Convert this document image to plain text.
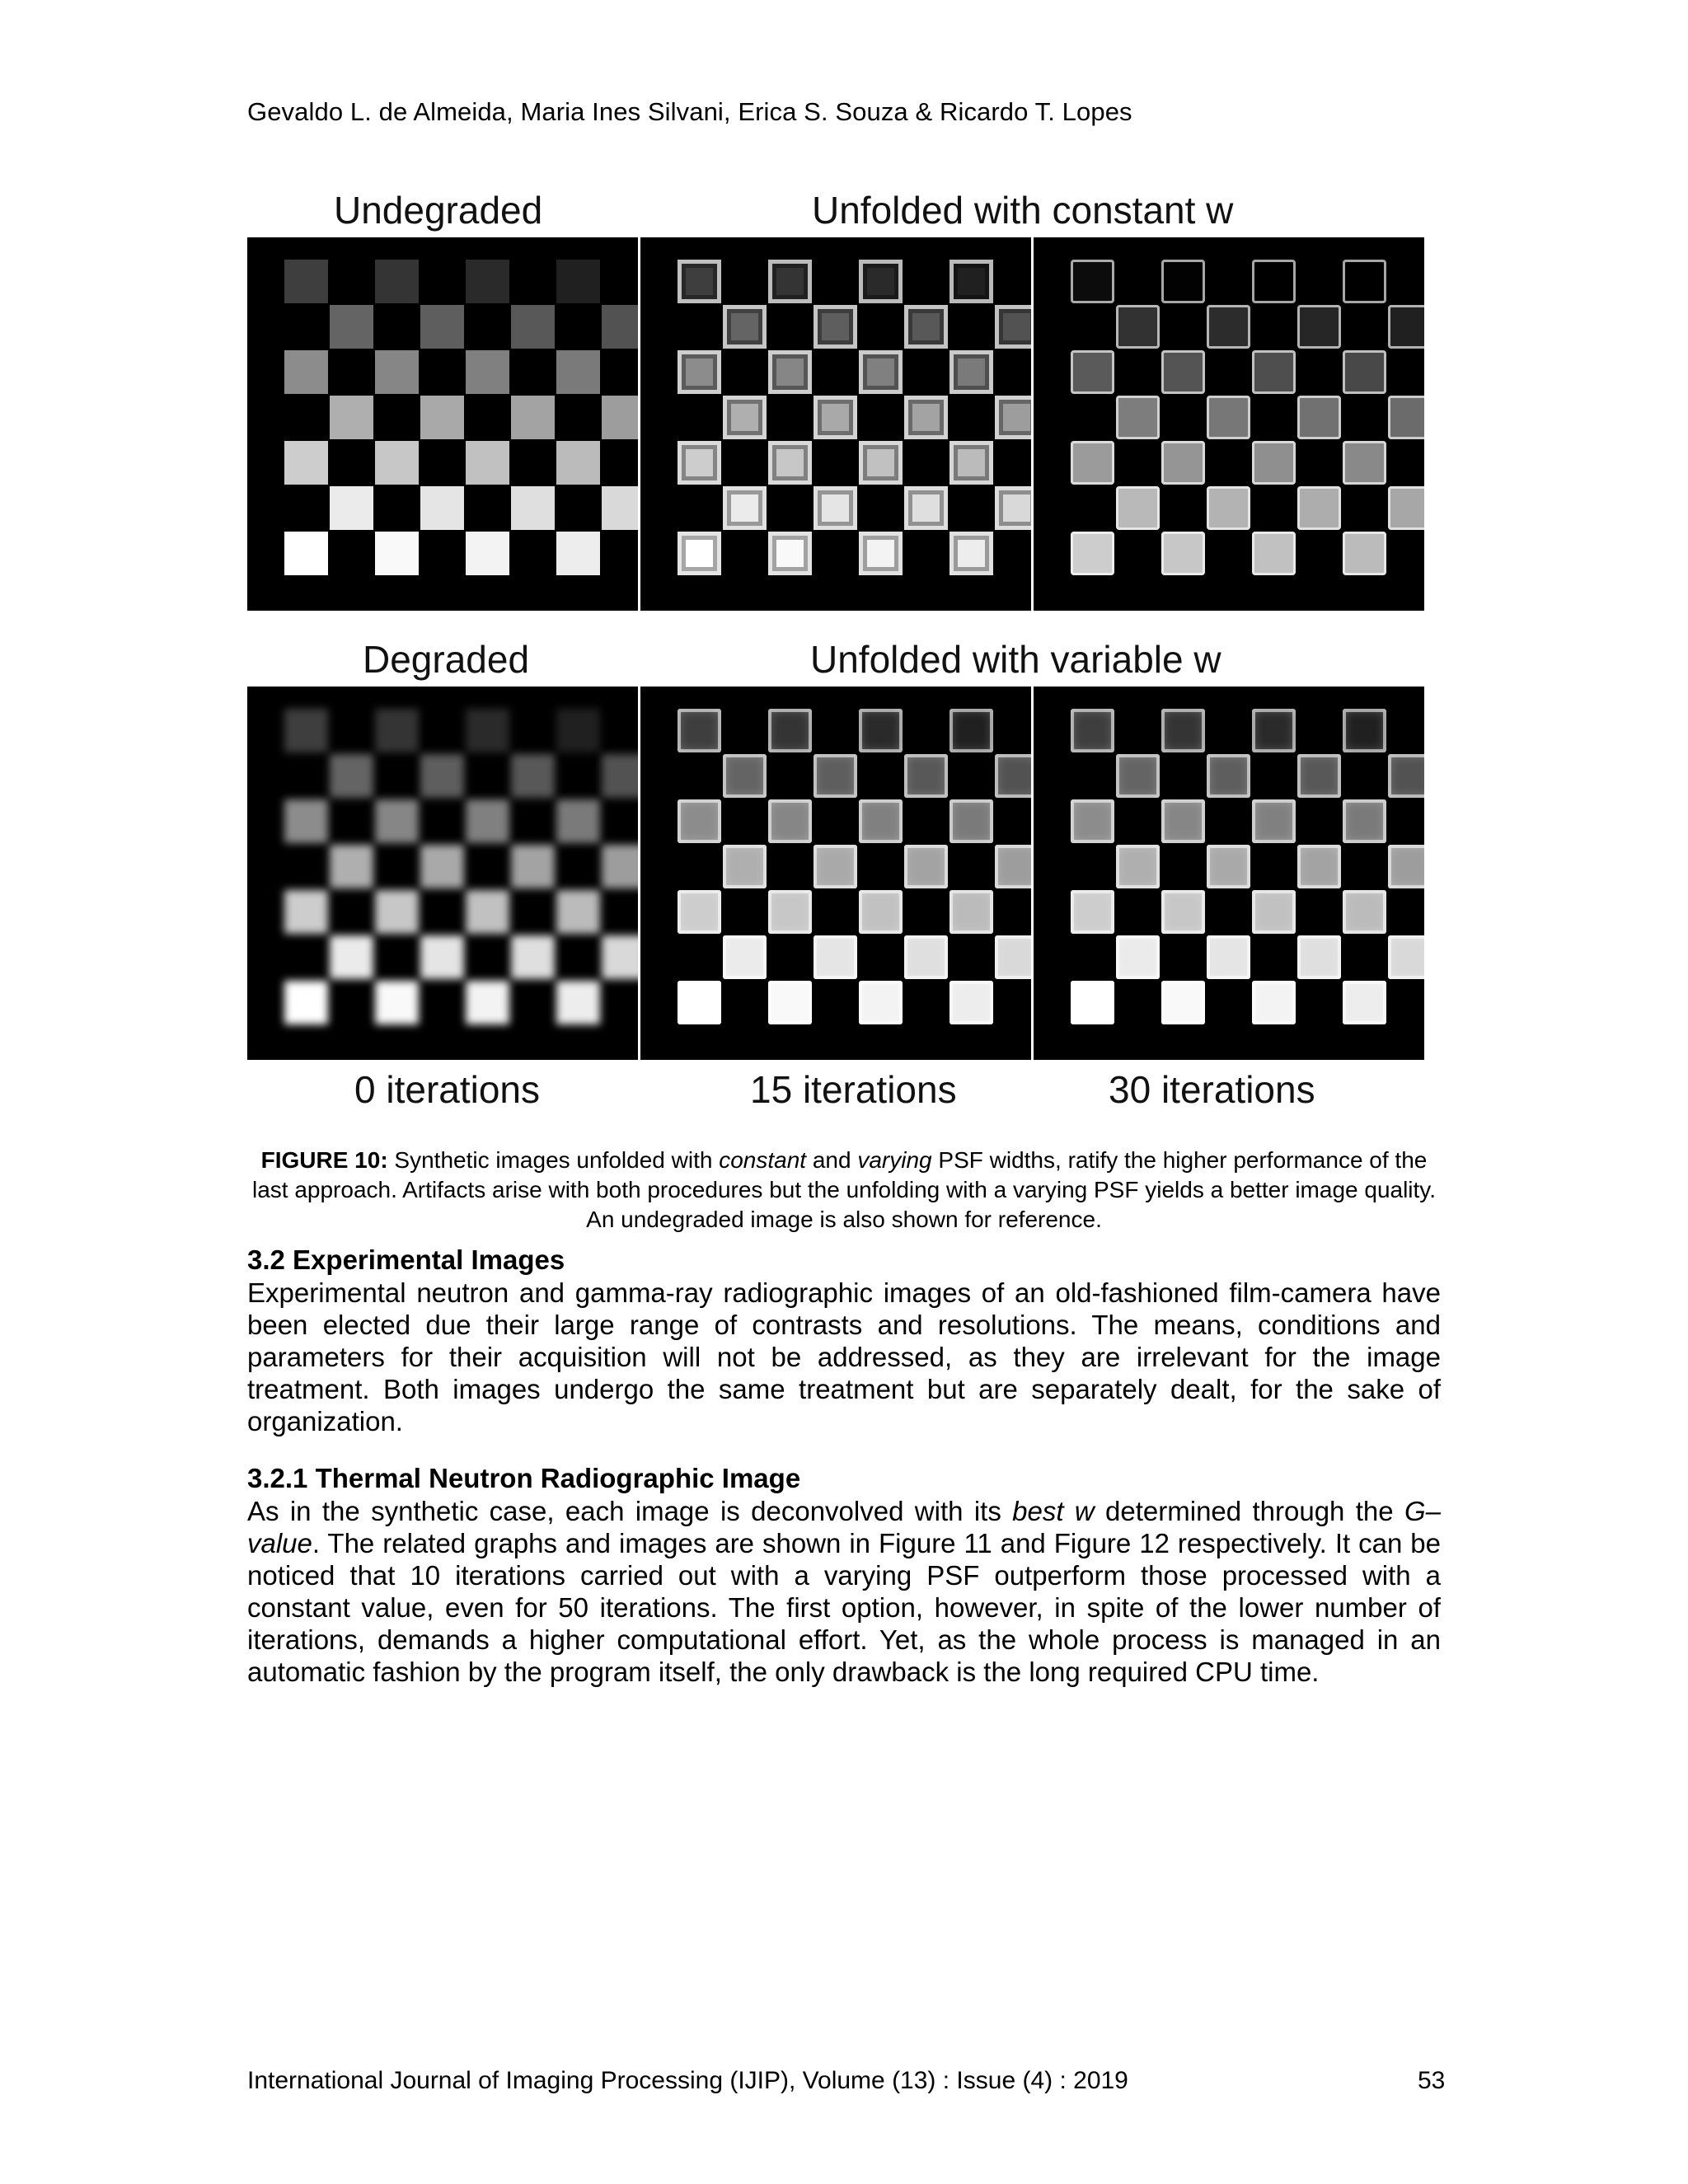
Gevaldo L. de Almeida, Maria Ines Silvani, Erica S. Souza & Ricardo T. Lopes
Undegraded	Unfolded with constant w
Degraded	Unfolded with variable w
0 iterations	15 iterations	30 iterations
FIGURE 10: Synthetic images unfolded with constant and varying PSF widths, ratify the higher performance of the last approach. Artifacts arise with both procedures but the unfolding with a varying PSF yields a better image quality. An undegraded image is also shown for reference.
3.2 Experimental Images
Experimental neutron and gamma-ray radiographic images of an old-fashioned film-camera have been elected due their large range of contrasts and resolutions. The means, conditions and parameters for their acquisition will not be addressed, as they are irrelevant for the image treatment. Both images undergo the same treatment but are separately dealt, for the sake of organization.
3.2.1 Thermal Neutron Radiographic Image
As in the synthetic case, each image is deconvolved with its best w determined through the G–value. The related graphs and images are shown in Figure 11 and Figure 12 respectively. It can be noticed that 10 iterations carried out with a varying PSF outperform those processed with a constant value, even for 50 iterations. The first option, however, in spite of the lower number of iterations, demands a higher computational effort. Yet, as the whole process is managed in an automatic fashion by the program itself, the only drawback is the long required CPU time.
International Journal of Imaging Processing (IJIP), Volume (13) : Issue (4) : 2019	53
